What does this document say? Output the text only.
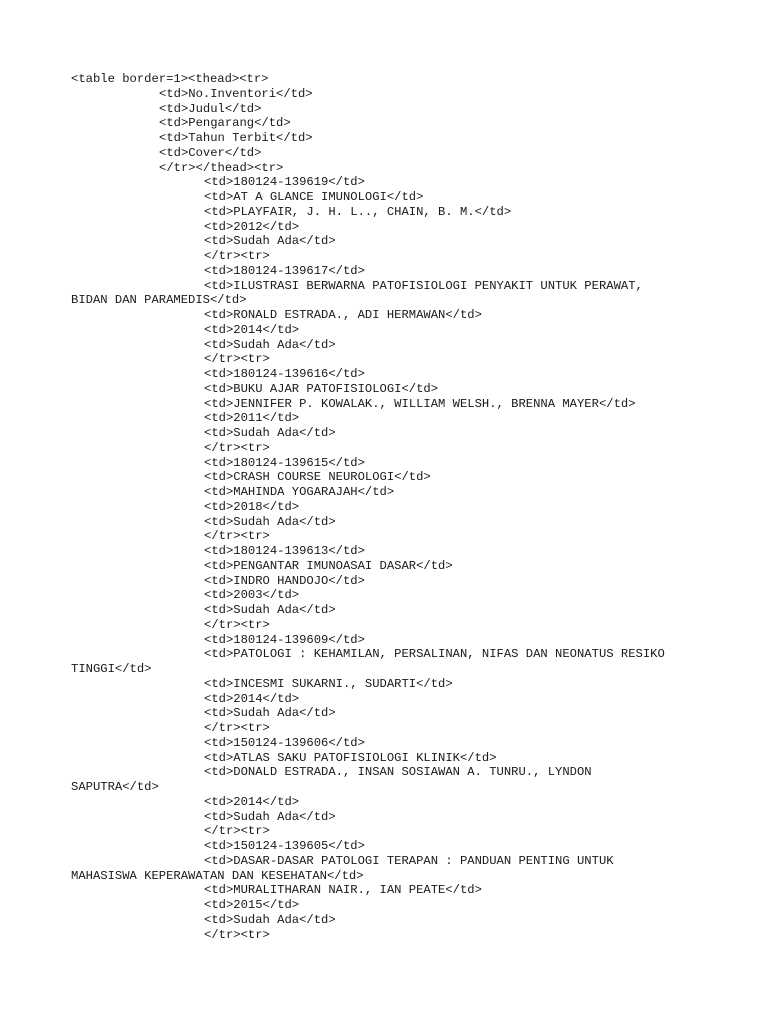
<table border=1><thead><tr>
<td>No.Inventori</td>
<td>Judul</td>
<td>Pengarang</td>
<td>Tahun Terbit</td>
<td>Cover</td>
</tr></thead><tr>
<td>180124-139619</td>
<td>AT A GLANCE IMUNOLOGI</td>
<td>PLAYFAIR, J. H. L.., CHAIN, B. M.</td>
<td>2012</td>
<td>Sudah Ada</td>
</tr><tr>
<td>180124-139617</td>
<td>ILUSTRASI BERWARNA PATOFISIOLOGI PENYAKIT UNTUK PERAWAT,
BIDAN DAN PARAMEDIS</td>
<td>RONALD ESTRADA., ADI HERMAWAN</td>
<td>2014</td>
<td>Sudah Ada</td>
</tr><tr>
<td>180124-139616</td>
<td>BUKU AJAR PATOFISIOLOGI</td>
<td>JENNIFER P. KOWALAK., WILLIAM WELSH., BRENNA MAYER</td>
<td>2011</td>
<td>Sudah Ada</td>
</tr><tr>
<td>180124-139615</td>
<td>CRASH COURSE NEUROLOGI</td>
<td>MAHINDA YOGARAJAH</td>
<td>2018</td>
<td>Sudah Ada</td>
</tr><tr>
<td>180124-139613</td>
<td>PENGANTAR IMUNOASAI DASAR</td>
<td>INDRO HANDOJO</td>
<td>2003</td>
<td>Sudah Ada</td>
</tr><tr>
<td>180124-139609</td>
<td>PATOLOGI : KEHAMILAN, PERSALINAN, NIFAS DAN NEONATUS RESIKO
TINGGI</td>
<td>INCESMI SUKARNI., SUDARTI</td>
<td>2014</td>
<td>Sudah Ada</td>
</tr><tr>
<td>150124-139606</td>
<td>ATLAS SAKU PATOFISIOLOGI KLINIK</td>
<td>DONALD ESTRADA., INSAN SOSIAWAN A. TUNRU., LYNDON
SAPUTRA</td>
<td>2014</td>
<td>Sudah Ada</td>
</tr><tr>
<td>150124-139605</td>
<td>DASAR-DASAR PATOLOGI TERAPAN : PANDUAN PENTING UNTUK
MAHASISWA KEPERAWATAN DAN KESEHATAN</td>
<td>MURALITHARAN NAIR., IAN PEATE</td>
<td>2015</td>
<td>Sudah Ada</td>
</tr><tr>
